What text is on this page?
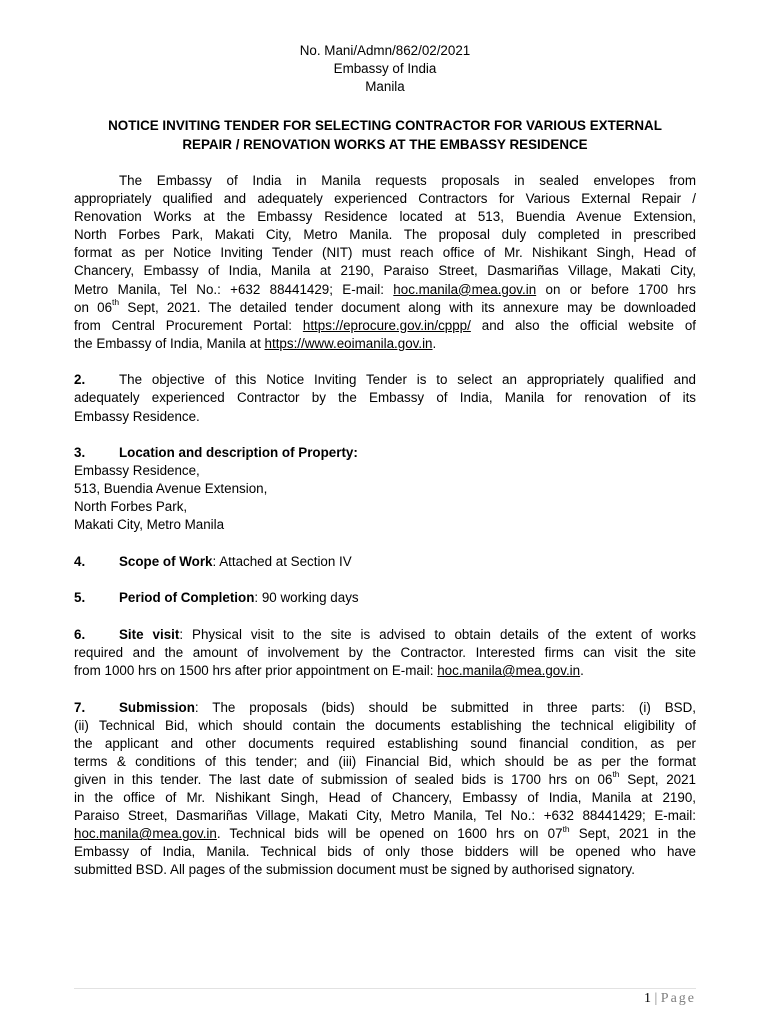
No. Mani/Admn/862/02/2021
Embassy of India
Manila
NOTICE INVITING TENDER FOR SELECTING CONTRACTOR FOR VARIOUS EXTERNAL
REPAIR / RENOVATION WORKS AT THE EMBASSY RESIDENCE
The Embassy of India in Manila requests proposals in sealed envelopes from
appropriately qualified and adequately experienced Contractors for Various External Repair /
Renovation Works at the Embassy Residence located at 513, Buendia Avenue Extension,
North Forbes Park, Makati City, Metro Manila. The proposal duly completed in prescribed
format as per Notice Inviting Tender (NIT) must reach office of Mr. Nishikant Singh, Head of
Chancery, Embassy of India, Manila at 2190, Paraiso Street, Dasmariñas Village, Makati City,
Metro Manila, Tel No.: +632 88441429; E-mail: hoc.manila@mea.gov.in on or before 1700 hrs
on 06th Sept, 2021. The detailed tender document along with its annexure may be downloaded
from Central Procurement Portal: https://eprocure.gov.in/cppp/ and also the official website of
the Embassy of India, Manila at https://www.eoimanila.gov.in.
2.	The objective of this Notice Inviting Tender is to select an appropriately qualified and
adequately experienced Contractor by the Embassy of India, Manila for renovation of its
Embassy Residence.
3.	Location and description of Property:
Embassy Residence,
513, Buendia Avenue Extension,
North Forbes Park,
Makati City, Metro Manila
4.	Scope of Work: Attached at Section IV
5.	Period of Completion: 90 working days
6.	Site visit: Physical visit to the site is advised to obtain details of the extent of works
required and the amount of involvement by the Contractor. Interested firms can visit the site
from 1000 hrs on 1500 hrs after prior appointment on E-mail: hoc.manila@mea.gov.in.
7.	Submission: The proposals (bids) should be submitted in three parts: (i) BSD,
(ii) Technical Bid, which should contain the documents establishing the technical eligibility of
the applicant and other documents required establishing sound financial condition, as per
terms & conditions of this tender; and (iii) Financial Bid, which should be as per the format
given in this tender. The last date of submission of sealed bids is 1700 hrs on 06th Sept, 2021
in the office of Mr. Nishikant Singh, Head of Chancery, Embassy of India, Manila at 2190,
Paraiso Street, Dasmariñas Village, Makati City, Metro Manila, Tel No.: +632 88441429; E-mail:
hoc.manila@mea.gov.in. Technical bids will be opened on 1600 hrs on 07th Sept, 2021 in the
Embassy of India, Manila. Technical bids of only those bidders will be opened who have
submitted BSD. All pages of the submission document must be signed by authorised signatory.
1 | Page
